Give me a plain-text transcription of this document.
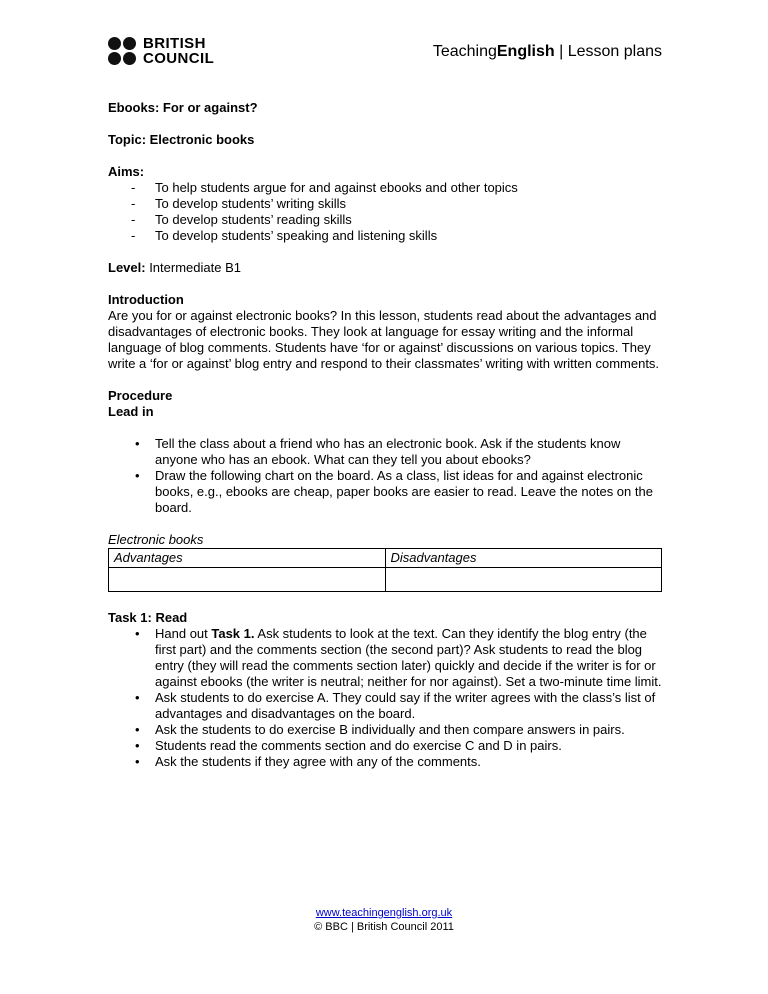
BRITISH
COUNCIL	TeachingEnglish | Lesson plans

Ebooks: For or against?

Topic: Electronic books

Aims:

- To help students argue for and against ebooks and other topics
- To develop students’ writing skills
- To develop students’ reading skills
- To develop students’ speaking and listening skills

Level: Intermediate B1

Introduction

Are you for or against electronic books? In this lesson, students read about the advantages and disadvantages of electronic books. They look at language for essay writing and the informal language of blog comments. Students have ‘for or against’ discussions on various topics. They write a ‘for or against’ blog entry and respond to their classmates’ writing with written comments.

Procedure

Lead in

• Tell the class about a friend who has an electronic book. Ask if the students know anyone who has an ebook. What can they tell you about ebooks?
• Draw the following chart on the board. As a class, list ideas for and against electronic books, e.g., ebooks are cheap, paper books are easier to read. Leave the notes on the board.

Electronic books

Advantages	Disadvantages

Task 1: Read

• Hand out Task 1. Ask students to look at the text. Can they identify the blog entry (the first part) and the comments section (the second part)? Ask students to read the blog entry (they will read the comments section later) quickly and decide if the writer is for or against ebooks (the writer is neutral; neither for nor against). Set a two-minute time limit.
• Ask students to do exercise A. They could say if the writer agrees with the class’s list of advantages and disadvantages on the board.
• Ask the students to do exercise B individually and then compare answers in pairs.
• Students read the comments section and do exercise C and D in pairs.
• Ask the students if they agree with any of the comments.
www.teachingenglish.org.uk
© BBC | British Council 2011
